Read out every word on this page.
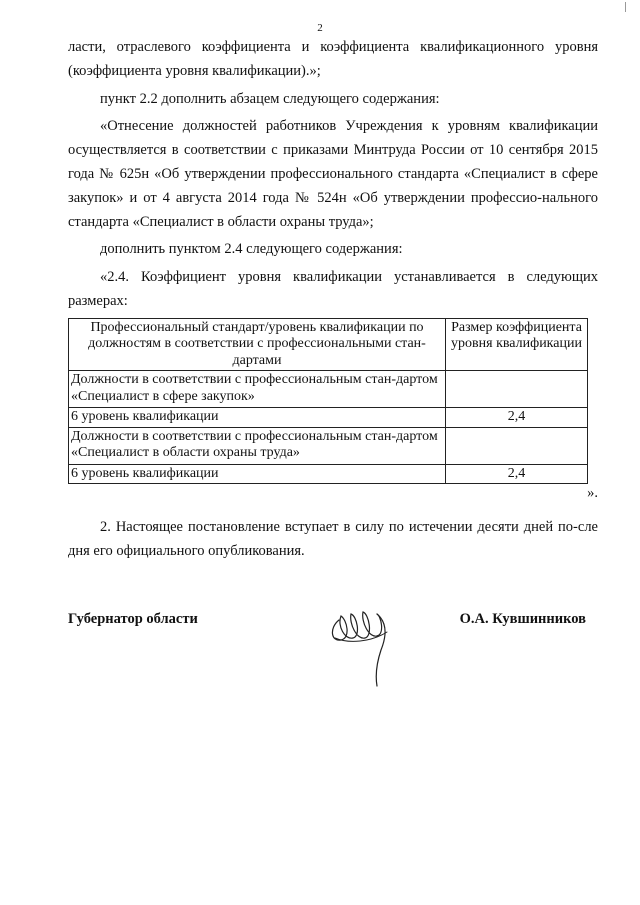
2

ласти, отраслевого коэффициента и коэффициента квалификационного уровня (коэффициента уровня квалификации).»;

пункт 2.2 дополнить абзацем следующего содержания:

«Отнесение должностей работников Учреждения к уровням квалификации осуществляется в соответствии с приказами Минтруда России от 10 сентября 2015 года № 625н «Об утверждении профессионального стандарта «Специалист в сфере закупок» и от 4 августа 2014 года № 524н «Об утверждении профессио-нального стандарта «Специалист в области охраны труда»;

дополнить пунктом 2.4 следующего содержания:

«2.4. Коэффициент уровня квалификации устанавливается в следующих размерах:

Профессиональный стандарт/уровень квалификации по должностям в соответствии с профессиональными стан-дартами	Размер коэффициента уровня квалификации
Должности в соответствии с профессиональным стан-дартом «Специалист в сфере закупок»	
6 уровень квалификации	2,4
Должности в соответствии с профессиональным стан-дартом «Специалист в области охраны труда»	
6 уровень квалификации	2,4
».

2. Настоящее постановление вступает в силу по истечении десяти дней по-сле дня его официального опубликования.

Губернатор области	О.А. Кувшинников
